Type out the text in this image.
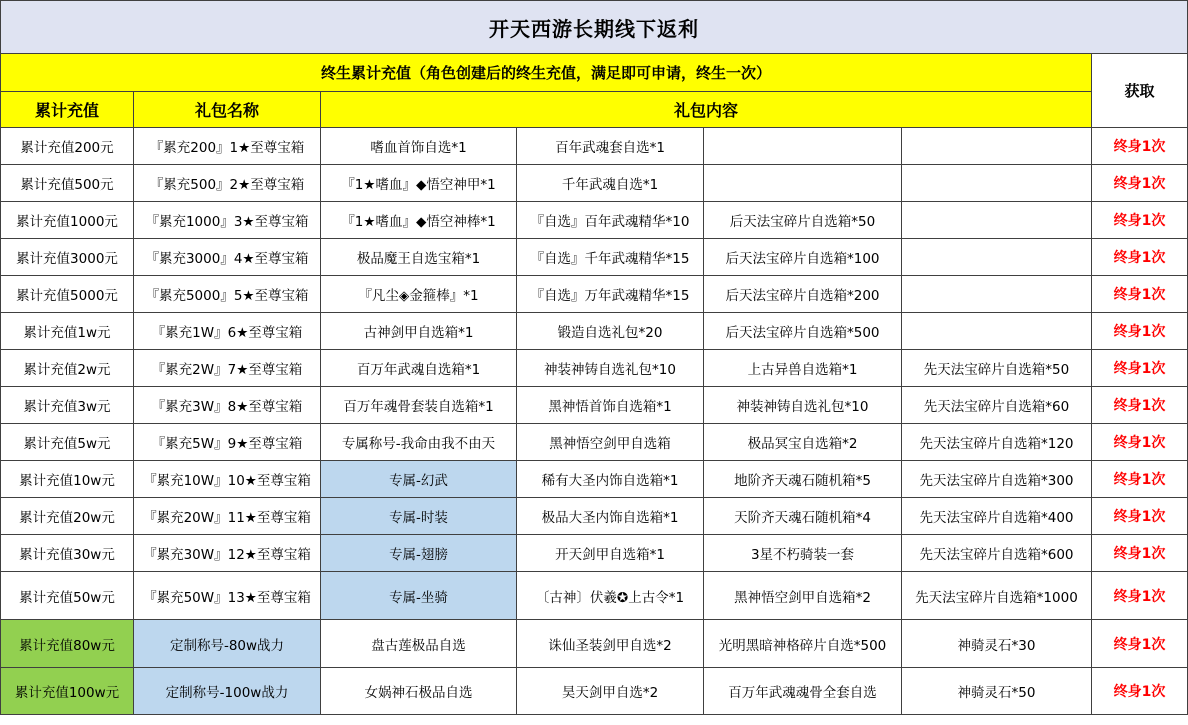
开天西游长期线下返利						
终生累计充值（角色创建后的终生充值，满足即可申请，终生一次）						获取
累计充值	礼包名称	礼包内容				
累计充值200元	『累充200』1★至尊宝箱	嗜血首饰自选*1	百年武魂套自选*1			终身1次
累计充值500元	『累充500』2★至尊宝箱	『1★嗜血』◆悟空神甲*1	千年武魂自选*1			终身1次
累计充值1000元	『累充1000』3★至尊宝箱	『1★嗜血』◆悟空神棒*1	『自选』百年武魂精华*10	后天法宝碎片自选箱*50		终身1次
累计充值3000元	『累充3000』4★至尊宝箱	极品魔王自选宝箱*1	『自选』千年武魂精华*15	后天法宝碎片自选箱*100		终身1次
累计充值5000元	『累充5000』5★至尊宝箱	『凡尘◈金箍棒』*1	『自选』万年武魂精华*15	后天法宝碎片自选箱*200		终身1次
累计充值1w元	『累充1W』6★至尊宝箱	古神剑甲自选箱*1	锻造自选礼包*20	后天法宝碎片自选箱*500		终身1次
累计充值2w元	『累充2W』7★至尊宝箱	百万年武魂自选箱*1	神装神铸自选礼包*10	上古异兽自选箱*1	先天法宝碎片自选箱*50	终身1次
累计充值3w元	『累充3W』8★至尊宝箱	百万年魂骨套装自选箱*1	黑神悟首饰自选箱*1	神装神铸自选礼包*10	先天法宝碎片自选箱*60	终身1次
累计充值5w元	『累充5W』9★至尊宝箱	专属称号-我命由我不由天	黑神悟空剑甲自选箱	极品冥宝自选箱*2	先天法宝碎片自选箱*120	终身1次
累计充值10w元	『累充10W』10★至尊宝箱	专属-幻武	稀有大圣内饰自选箱*1	地阶齐天魂石随机箱*5	先天法宝碎片自选箱*300	终身1次
累计充值20w元	『累充20W』11★至尊宝箱	专属-时装	极品大圣内饰自选箱*1	天阶齐天魂石随机箱*4	先天法宝碎片自选箱*400	终身1次
累计充值30w元	『累充30W』12★至尊宝箱	专属-翅膀	开天剑甲自选箱*1	3星不朽骑装一套	先天法宝碎片自选箱*600	终身1次
累计充值50w元	『累充50W』13★至尊宝箱	专属-坐骑	〔古神〕伏羲✪上古令*1	黑神悟空剑甲自选箱*2	先天法宝碎片自选箱*1000	终身1次
累计充值80w元	定制称号-80w战力	盘古莲极品自选	诛仙圣装剑甲自选*2	光明黑暗神格碎片自选*500	神骑灵石*30	终身1次
累计充值100w元	定制称号-100w战力	女娲神石极品自选	昊天剑甲自选*2	百万年武魂魂骨全套自选	神骑灵石*50	终身1次
